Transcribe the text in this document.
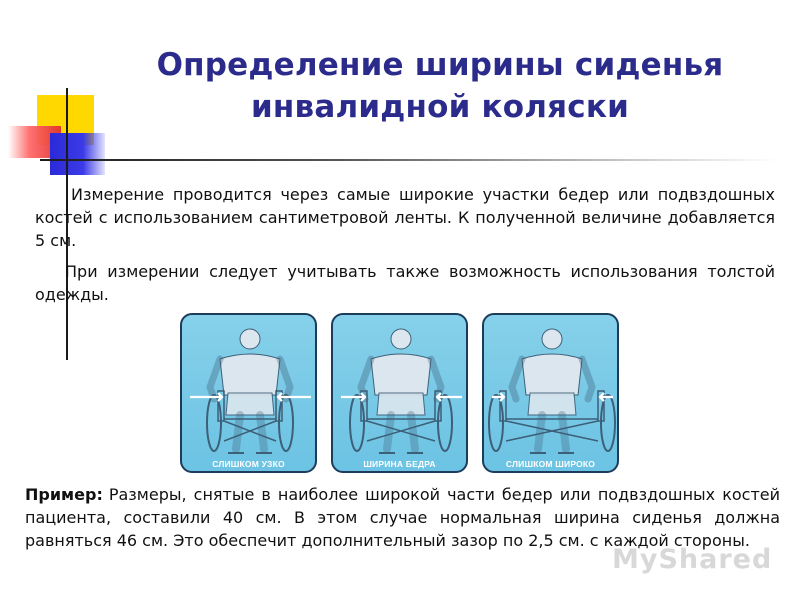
Определение ширины сиденья инвалидной коляски
Измерение проводится через самые широкие участки бедер или подвздошных костей с использованием сантиметровой ленты. К полученной величине добавляется 5 см.
При измерении следует учитывать также возможность использования толстой одежды.
СЛИШКОМ УЗКО	ШИРИНА БЕДРА	СЛИШКОМ ШИРОКО
Пример: Размеры, снятые в наиболее широкой части бедер или подвздошных костей пациента, составили 40 см. В этом случае нормальная ширина сиденья должна равняться 46 см. Это обеспечит дополнительный зазор по 2,5 см. с каждой стороны.
MyShared
